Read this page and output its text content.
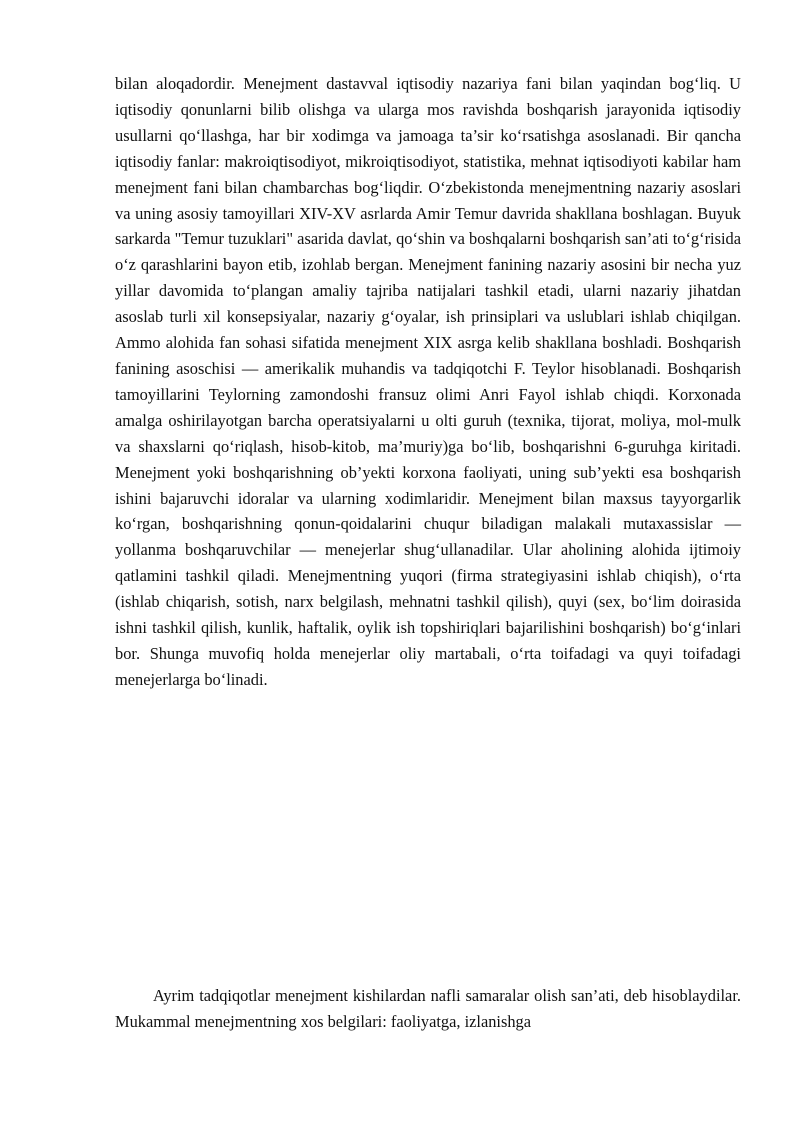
bilan aloqadordir. Menejment dastavval iqtisodiy nazariya fani bilan yaqindan bog‘liq. U iqtisodiy qonunlarni bilib olishga va ularga mos ravishda boshqarish jarayonida iqtisodiy usullarni qo‘llashga, har bir xodimga va jamoaga ta’sir ko‘rsatishga asoslanadi. Bir qancha iqtisodiy fanlar: makroiqtisodiyot, mikroiqtisodiyot, statistika, mehnat iqtisodiyoti kabilar ham menejment fani bilan chambarchas bog‘liqdir. O‘zbekistonda menejmentning nazariy asoslari va uning asosiy tamoyillari XIV-XV asrlarda Amir Temur davrida shakllana boshlagan. Buyuk sarkarda "Temur tuzuklari" asarida davlat, qo‘shin va boshqalarni boshqarish san’ati to‘g‘risida o‘z qarashlarini bayon etib, izohlab bergan. Menejment fanining nazariy asosini bir necha yuz yillar davomida to‘plangan amaliy tajriba natijalari tashkil etadi, ularni nazariy jihatdan asoslab turli xil konsepsiyalar, nazariy g‘oyalar, ish prinsiplari va uslublari ishlab chiqilgan. Ammo alohida fan sohasi sifatida menejment XIX asrga kelib shakllana boshladi. Boshqarish fanining asoschisi — amerikalik muhandis va tadqiqotchi F. Teylor hisoblanadi. Boshqarish tamoyillarini Teylorning zamondoshi fransuz olimi Anri Fayol ishlab chiqdi. Korxonada amalga oshirilayotgan barcha operatsiyalarni u olti guruh (texnika, tijorat, moliya, mol-mulk va shaxslarni qo‘riqlash, hisob-kitob, ma’muriy)ga bo‘lib, boshqarishni 6-guruhga kiritadi. Menejment yoki boshqarishning ob’yekti korxona faoliyati, uning sub’yekti esa boshqarish ishini bajaruvchi idoralar va ularning xodimlaridir. Menejment bilan maxsus tayyorgarlik ko‘rgan, boshqarishning qonun-qoidalarini chuqur biladigan malakali mutaxassislar — yollanma boshqaruvchilar — menejerlar shug‘ullanadilar. Ular aholining alohida ijtimoiy qatlamini tashkil qiladi. Menejmentning yuqori (firma strategiyasini ishlab chiqish), o‘rta (ishlab chiqarish, sotish, narx belgilash, mehnatni tashkil qilish), quyi (sex, bo‘lim doirasida ishni tashkil qilish, kunlik, haftalik, oylik ish topshiriqlari bajarilishini boshqarish) bo‘g‘inlari bor. Shunga muvofiq holda menejerlar oliy martabali, o‘rta toifadagi va quyi toifadagi menejerlarga bo‘linadi.

Ayrim tadqiqotlar menejment kishilardan nafli samaralar olish san’ati, deb hisoblaydilar. Mukammal menejmentning xos belgilari: faoliyatga, izlanishga
